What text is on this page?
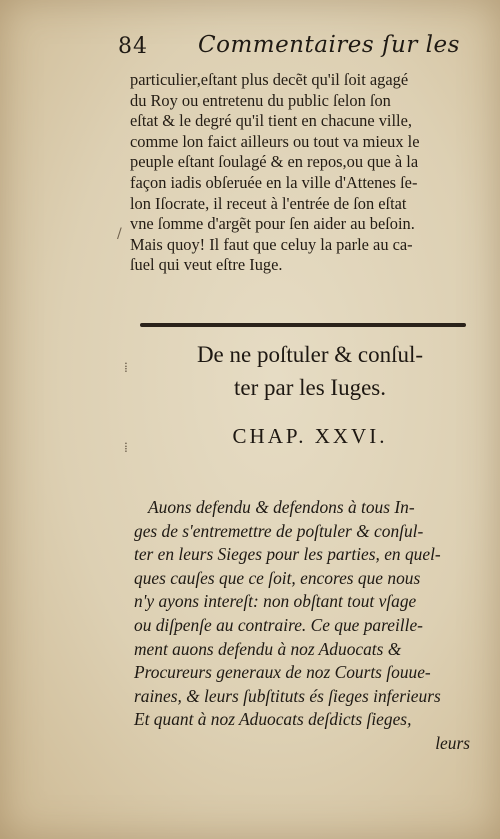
84 Commentaires ſur les
particulier,eſtant plus decẽt qu'il ſoit agagé
du Roy ou entretenu du public ſelon ſon
eſtat & le degré qu'il tient en chacune ville,
comme lon faict ailleurs ou tout va mieux le
peuple eſtant ſoulagé & en repos,ou que à la
façon iadis obſeruée en la ville d'Attenes ſe-
lon Iſocrate, il receut à l'entrée de ſon eſtat
vne ſomme d'argẽt pour ſen aider au beſoin.
Mais quoy! Il faut que celuy la parle au ca-
ſuel qui veut eſtre Iuge.
De ne poſtuler & conſul-
ter par les Iuges.
CHAP. XXVI.
Auons defendu & defendons à tous In-
ges de s'entremettre de poſtuler & conſul-
ter en leurs Sieges pour les parties, en quel-
ques cauſes que ce ſoit, encores que nous
n'y ayons intereſt: non obſtant tout vſage
ou diſpenſe au contraire. Ce que pareille-
ment auons defendu à noz Aduocats &
Procureurs generaux de noz Courts ſouue-
raines, & leurs ſubſtituts és ſieges inferieurs
Et quant à noz Aduocats deſdicts ſieges,
leurs
/
⁞
⁞
